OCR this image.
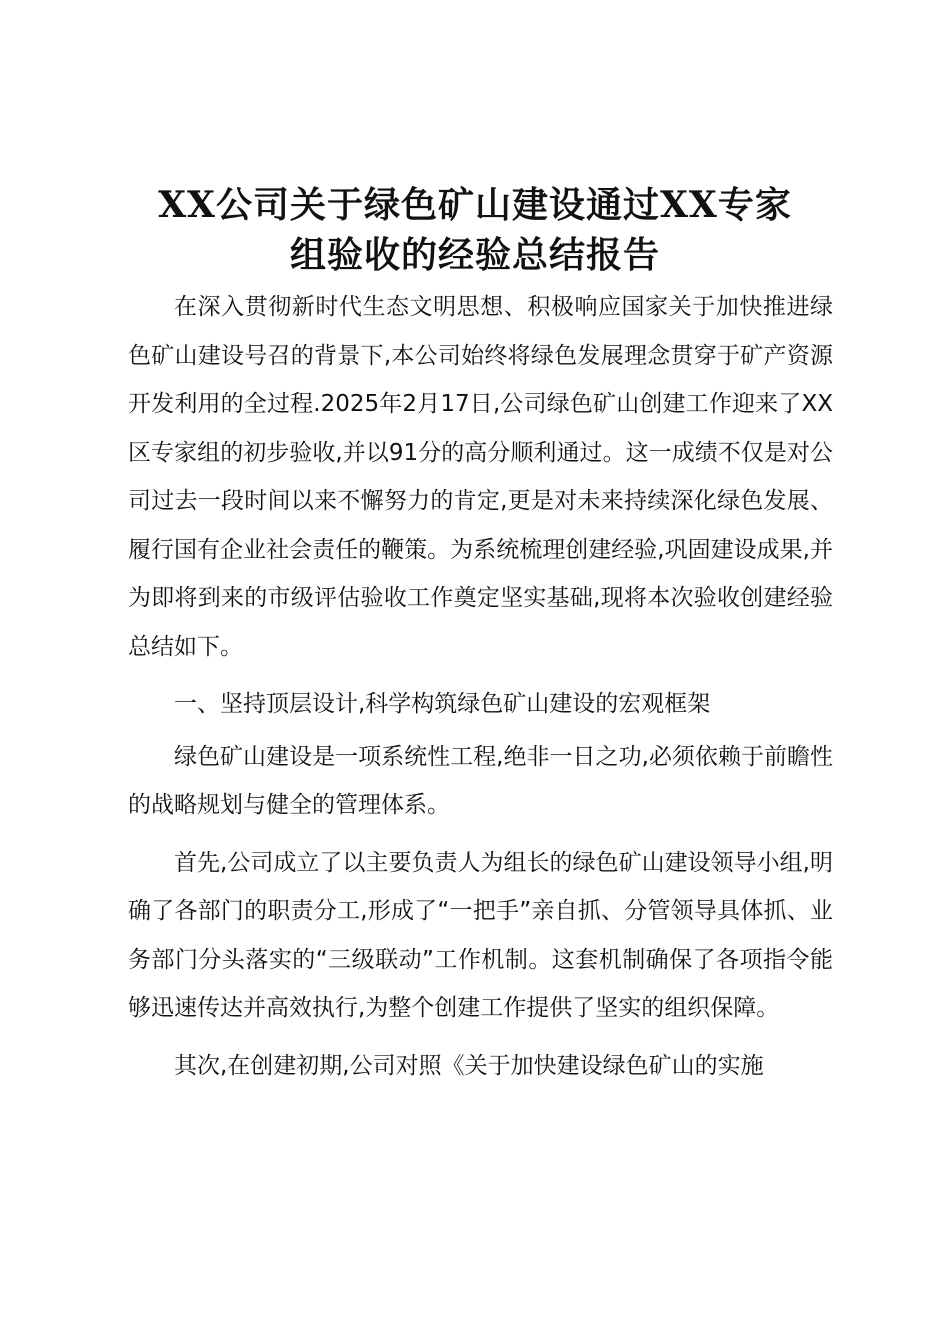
XX公司关于绿色矿山建设通过XX专家
组验收的经验总结报告

在深入贯彻新时代生态文明思想、积极响应国家关于加快推进绿色矿山建设号召的背景下,本公司始终将绿色发展理念贯穿于矿产资源开发利用的全过程.2025年2月17日,公司绿色矿山创建工作迎来了XX区专家组的初步验收,并以91分的高分顺利通过。这一成绩不仅是对公司过去一段时间以来不懈努力的肯定,更是对未来持续深化绿色发展、履行国有企业社会责任的鞭策。为系统梳理创建经验,巩固建设成果,并为即将到来的市级评估验收工作奠定坚实基础,现将本次验收创建经验总结如下。

一、坚持顶层设计,科学构筑绿色矿山建设的宏观框架

绿色矿山建设是一项系统性工程,绝非一日之功,必须依赖于前瞻性的战略规划与健全的管理体系。

首先,公司成立了以主要负责人为组长的绿色矿山建设领导小组,明确了各部门的职责分工,形成了“一把手”亲自抓、分管领导具体抓、业务部门分头落实的“三级联动”工作机制。这套机制确保了各项指令能够迅速传达并高效执行,为整个创建工作提供了坚实的组织保障。

其次,在创建初期,公司对照《关于加快建设绿色矿山的实施
